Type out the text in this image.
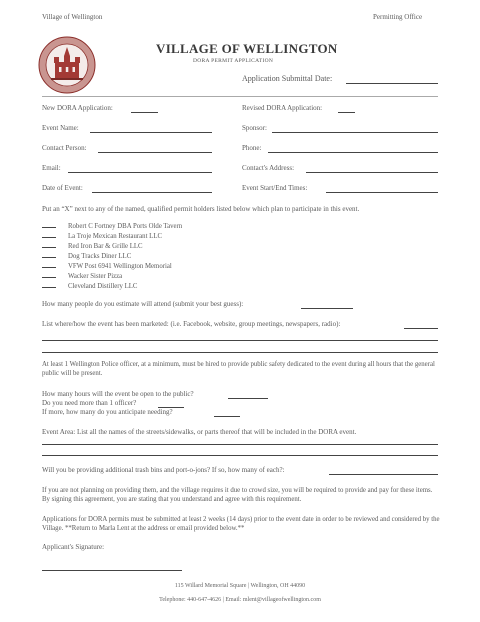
Village of Wellington	Permitting Office
VILLAGE OF WELLINGTON
DORA PERMIT APPLICATION
Application Submittal Date:
New DORA Application:	Revised DORA Application:
Event Name:	Sponsor:
Contact Person:	Phone:
Email:	Contact's Address:
Date of Event:	Event Start/End Times:
Put an “X” next to any of the named, qualified permit holders listed below which plan to participate in this event.
Robert C Fortney DBA Ports Olde Tavern
La Troje Mexican Restaurant LLC
Red Iron Bar & Grille LLC
Dog Tracks Diner LLC
VFW Post 6941 Wellington Memorial
Wacker Sister Pizza
Cleveland Distillery LLC
How many people do you estimate will attend (submit your best guess):
List where/how the event has been marketed: (i.e. Facebook, website, group meetings, newspapers, radio):
At least 1 Wellington Police officer, at a minimum, must be hired to provide public safety dedicated to the event during all hours that the general public will be present.
How many hours will the event be open to the public?
Do you need more than 1 officer?
If more, how many do you anticipate needing?
Event Area: List all the names of the streets/sidewalks, or parts thereof that will be included in the DORA event.
Will you be providing additional trash bins and port-o-jons? If so, how many of each?:
If you are not planning on providing them, and the village requires it due to crowd size, you will be required to provide and pay for these items. By signing this agreement, you are stating that you understand and agree with this requirement.
Applications for DORA permits must be submitted at least 2 weeks (14 days) prior to the event date in order to be reviewed and considered by the Village. **Return to Marla Lent at the address or email provided below.**
Applicant's Signature:
115 Willard Memorial Square | Wellington, OH 44090
Telephone: 440-647-4626 | Email: mlent@villageofwellington.com
